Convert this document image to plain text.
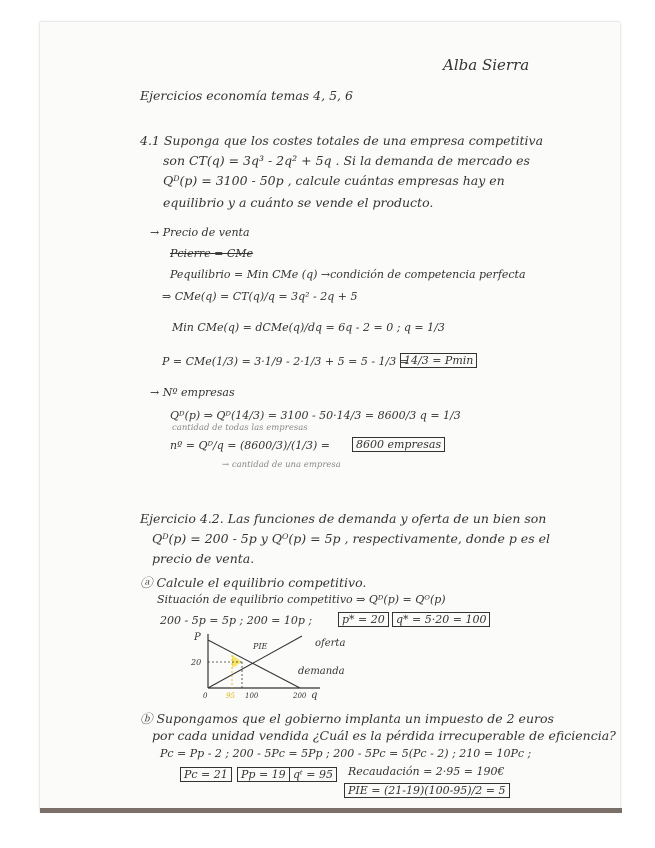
Alba Sierra
Ejercicios economía temas 4, 5, 6
4.1 Suponga que los costes totales de una empresa competitiva
son CT(q) = 3q³ - 2q² + 5q . Si la demanda de mercado es
Qᴰ(p) = 3100 - 50p , calcule cuántas empresas hay en
equilibrio y a cuánto se vende el producto.
→ Precio de venta
Pcierre = CMe
Pequilibrio = Min CMe (q) →condición de competencia perfecta
⇒ CMe(q) = CT(q)/q = 3q² - 2q + 5
Min CMe(q) = dCMe(q)/dq = 6q - 2 = 0 ; q = 1/3
P = CMe(1/3) = 3·1/9 - 2·1/3 + 5 = 5 - 1/3 =
14/3 = Pmin
→ Nº empresas
Qᴰ(p) ⇒ Qᴰ(14/3) = 3100 - 50·14/3 = 8600/3 q = 1/3
cantidad de todas las empresas
nº = Qᴰ/q = (8600/3)/(1/3) =	8600 empresas
→ cantidad de una empresa
Ejercicio 4.2. Las funciones de demanda y oferta de un bien son
Qᴰ(p) = 200 - 5p y Qᴼ(p) = 5p , respectivamente, donde p es el
precio de venta.
ⓐ Calcule el equilibrio competitivo.
Situación de equilibrio competitivo ⇒ Qᴰ(p) = Qᴼ(p)
200 - 5p = 5p ; 200 = 10p ;	p* = 20	q* = 5·20 = 100
P
20
oferta
demanda
PIE
0	95 100	200 q
ⓑ Supongamos que el gobierno implanta un impuesto de 2 euros
por cada unidad vendida ¿Cuál es la pérdida irrecuperable de eficiencia?
Pc = Pp - 2 ; 200 - 5Pc = 5Pp ; 200 - 5Pc = 5(Pc - 2) ; 210 = 10Pc ;
Pc = 21	Pp = 19 qᵗ = 95	Recaudación = 2·95 = 190€
PIE = (21-19)(100-95)/2 = 5
